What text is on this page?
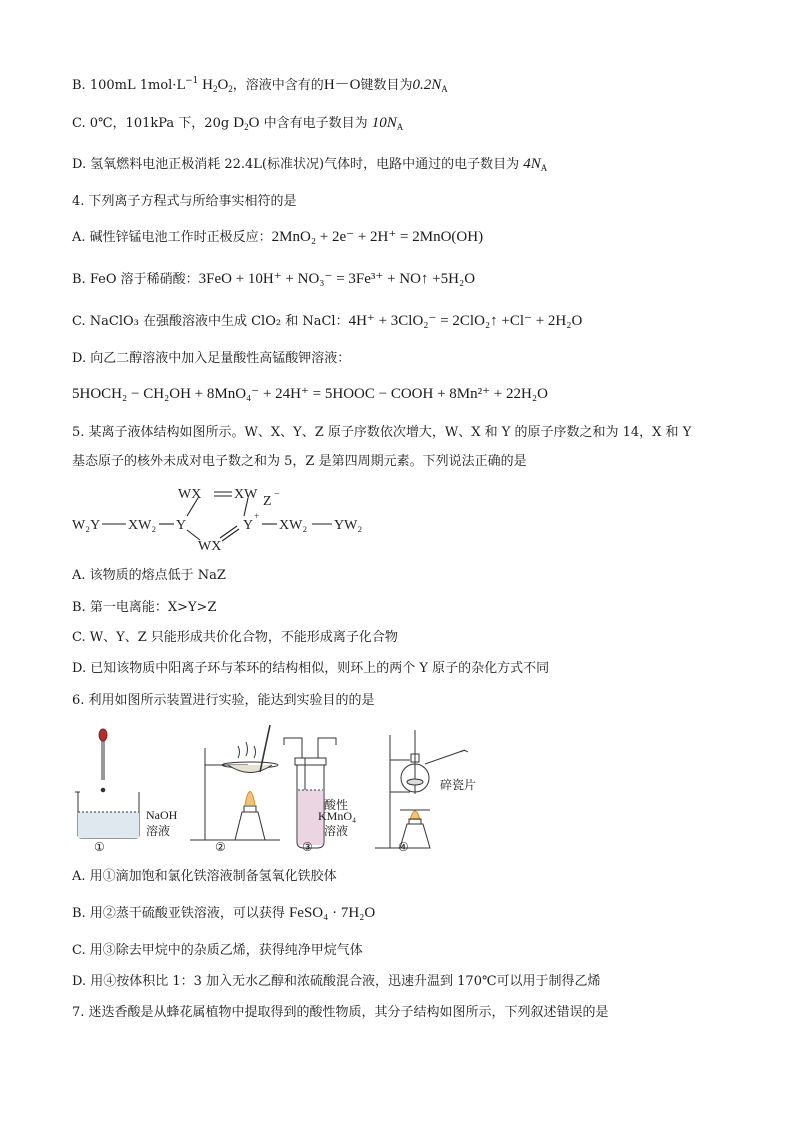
B. 100mL $1mol\cdot L^{-1}$ $H_2O_2$，溶液中含有的H－O键数目为$0.2N_A$
C. 0℃，101kPa 下，20g $D_2O$ 中含有电子数目为 $10N_A$
D. 氢氧燃料电池正极消耗 22.4L(标准状况)气体时，电路中通过的电子数目为 $4N_A$
4. 下列离子方程式与所给事实相符的是
A. 碱性锌锰电池工作时正极反应：2MnO₂ + 2e⁻ + 2H⁺ = 2MnO(OH)
B. FeO 溶于稀硝酸：3FeO + 10H⁺ + NO₃⁻ = 3Fe³⁺ + NO↑ +5H₂O
C. NaClO₃ 在强酸溶液中生成 ClO₂ 和 NaCl：4H⁺ + 3ClO₂⁻ = 2ClO₂↑ +Cl⁻ + 2H₂O
D. 向乙二醇溶液中加入足量酸性高锰酸钾溶液：
5HOCH₂ − CH₂OH + 8MnO₄⁻ + 24H⁺ = 5HOOC − COOH + 8Mn²⁺ + 22H₂O
5. 某离子液体结构如图所示。W、X、Y、Z 原子序数依次增大，W、X 和 Y 的原子序数之和为 14，X 和 Y
基态原子的核外未成对电子数之和为 5，Z 是第四周期元素。下列说法正确的是
W₂Y XW₂ Y
WX XW
WX
Y
+
Z −
XW₂ YW₂
A. 该物质的熔点低于 NaZ
B. 第一电离能：X>Y>Z
C. W、Y、Z 只能形成共价化合物，不能形成离子化合物
D. 已知该物质中阳离子环与苯环的结构相似，则环上的两个 Y 原子的杂化方式不同
6. 利用如图所示装置进行实验，能达到实验目的的是
NaOH
溶液
酸性
KMnO₄
溶液
碎瓷片
①	②	③	④
A. 用①滴加饱和氯化铁溶液制备氢氧化铁胶体
B. 用②蒸干硫酸亚铁溶液，可以获得 FeSO₄ · 7H₂O
C. 用③除去甲烷中的杂质乙烯，获得纯净甲烷气体
D. 用④按体积比 1：3 加入无水乙醇和浓硫酸混合液，迅速升温到 170℃可以用于制得乙烯
7. 迷迭香酸是从蜂花属植物中提取得到的酸性物质，其分子结构如图所示，下列叙述错误的是
